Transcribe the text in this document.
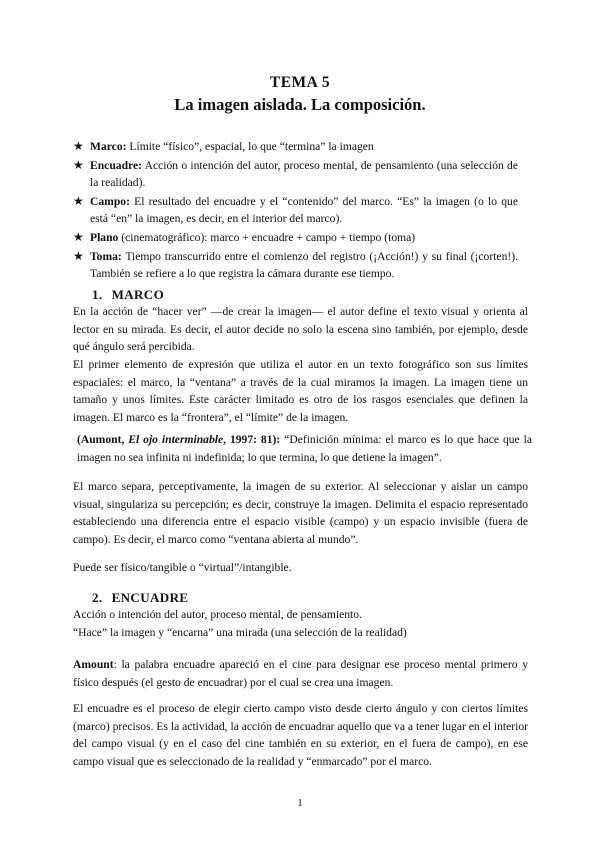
TEMA 5
La imagen aislada. La composición.
★ Marco: Límite “físico”, espacial, lo que “termina” la imagen
★ Encuadre: Acción o intención del autor, proceso mental, de pensamiento (una selección de la realidad).
★ Campo: El resultado del encuadre y el “contenido” del marco. “Es” la imagen (o lo que está “en” la imagen, es decir, en el interior del marco).
★ Plano (cinematográfico): marco + encuadre + campo + tiempo (toma)
★ Toma: Tiempo transcurrido entre el comienzo del registro (¡Acción!) y su final (¡corten!). También se refiere a lo que registra la cámara durante ese tiempo.
1. MARCO

En la acción de “hacer ver” —de crear la imagen— el autor define el texto visual y orienta al lector en su mirada. Es decir, el autor decide no solo la escena sino también, por ejemplo, desde qué ángulo será percibida.

El primer elemento de expresión que utiliza el autor en un texto fotográfico son sus límites espaciales: el marco, la “ventana” a través de la cual miramos la imagen. La imagen tiene un tamaño y unos límites. Este carácter limitado es otro de los rasgos esenciales que definen la imagen. El marco es la “frontera”, el “límite” de la imagen.

(Aumont, El ojo interminable, 1997: 81): “Definición mínima: el marco es lo que hace que la imagen no sea infinita ni indefinida; lo que termina, lo que detiene la imagen”.

El marco separa, perceptivamente, la imagen de su exterior. Al seleccionar y aislar un campo visual, singulariza su percepción; es decir, construye la imagen. Delimita el espacio representado estableciendo una diferencia entre el espacio visible (campo) y un espacio invisible (fuera de campo). Es decir, el marco como “ventana abierta al mundo”.

Puede ser físico/tangible o “virtual”/intangible.

2. ENCUADRE

Acción o intención del autor, proceso mental, de pensamiento.

“Hace” la imagen y “encarna” una mirada (una selección de la realidad)

Amount: la palabra encuadre apareció en el cine para designar ese proceso mental primero y físico después (el gesto de encuadrar) por el cual se crea una imagen.

El encuadre es el proceso de elegir cierto campo visto desde cierto ángulo y con ciertos límites (marco) precisos. Es la actividad, la acción de encuadrar aquello que va a tener lugar en el interior del campo visual (y en el caso del cine también en su exterior, en el fuera de campo), en ese campo visual que es seleccionado de la realidad y “enmarcado” por el marco.

1
